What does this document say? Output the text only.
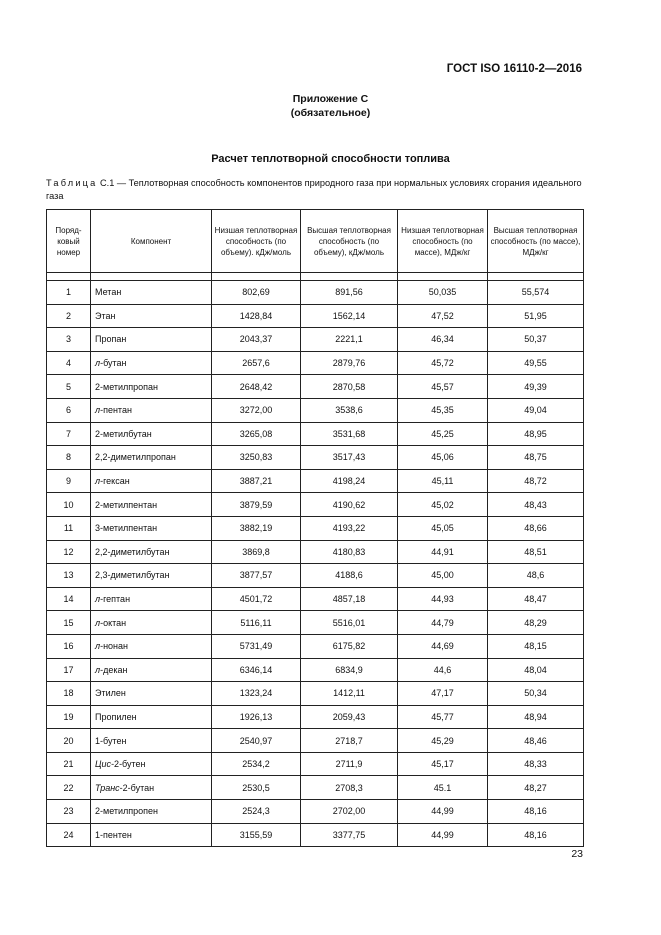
ГОСТ ISO 16110-2—2016
Приложение С
(обязательное)
Расчет теплотворной способности топлива
Таблица С.1 — Теплотворная способность компонентов природного газа при нормальных условиях сгорания идеального газа
Поряд-ковый номер	Компонент	Низшая теплотворная способность (по объему). кДж/моль	Высшая теплотворная способность (по объему), кДж/моль	Низшая теплотворная способность (по массе), МДж/кг	Высшая теплотворная способность (по массе), МДж/кг

1	Метан	802,69	891,56	50,035	55,574
2	Этан	1428,84	1562,14	47,52	51,95
3	Пропан	2043,37	2221,1	46,34	50,37
4	л-бутан	2657,6	2879,76	45,72	49,55
5	2-метилпропан	2648,42	2870,58	45,57	49,39
6	л-пентан	3272,00	3538,6	45,35	49,04
7	2-метилбутан	3265,08	3531,68	45,25	48,95
8	2,2-диметилпропан	3250,83	3517,43	45,06	48,75
9	л-гексан	3887,21	4198,24	45,11	48,72
10	2-метилпентан	3879,59	4190,62	45,02	48,43
11	3-метилпентан	3882,19	4193,22	45,05	48,66
12	2,2-диметилбутан	3869,8	4180,83	44,91	48,51
13	2,3-диметилбутан	3877,57	4188,6	45,00	48,6
14	л-гептан	4501,72	4857,18	44,93	48,47
15	л-октан	5116,11	5516,01	44,79	48,29
16	л-нонан	5731,49	6175,82	44,69	48,15
17	л-декан	6346,14	6834,9	44,6	48,04
18	Этилен	1323,24	1412,11	47,17	50,34
19	Пропилен	1926,13	2059,43	45,77	48,94
20	1-бутен	2540,97	2718,7	45,29	48,46
21	Цис-2-бутен	2534,2	2711,9	45,17	48,33
22	Транс-2-бутан	2530,5	2708,3	45.1	48,27
23	2-метилпропен	2524,3	2702,00	44,99	48,16
24	1-пентен	3155,59	3377,75	44,99	48,16
23
